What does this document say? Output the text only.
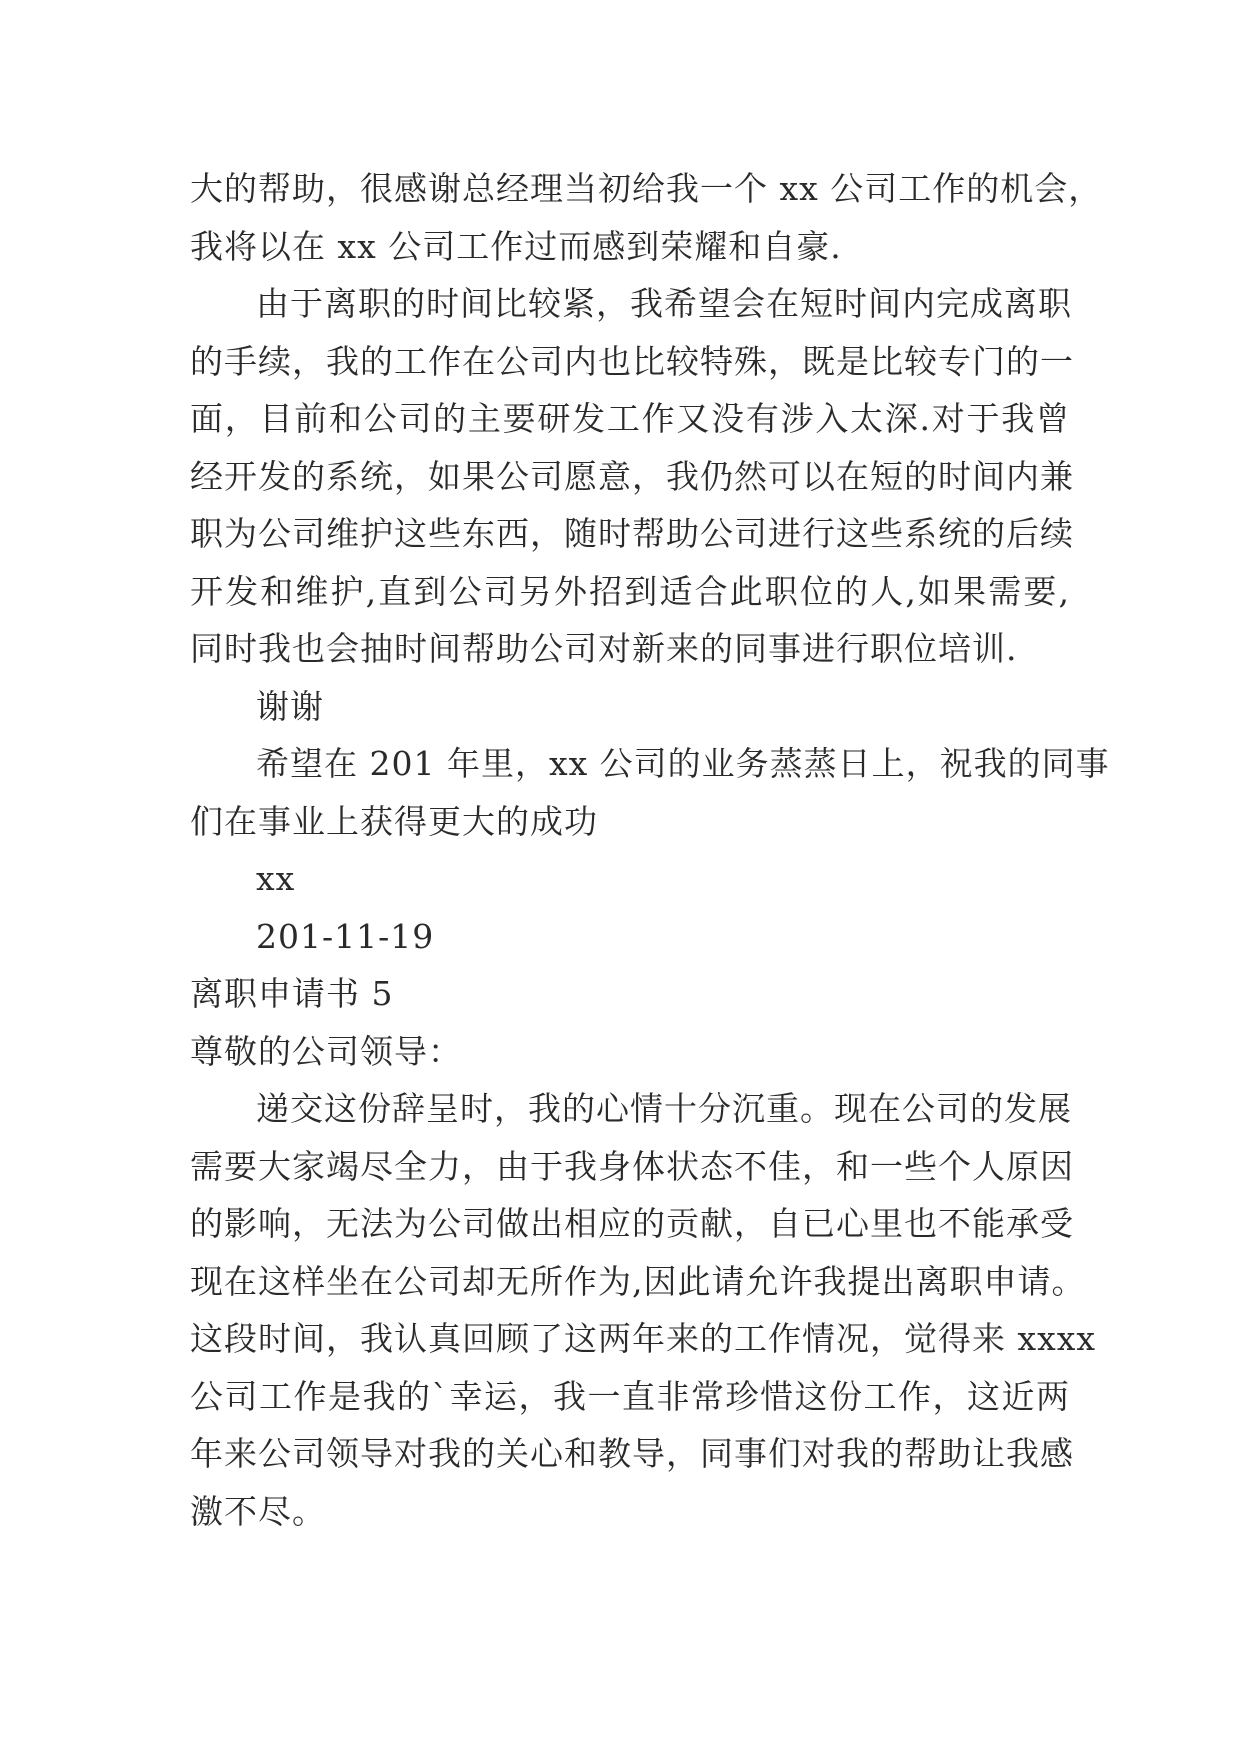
大的帮助，很感谢总经理当初给我一个 xx 公司工作的机会，
我将以在 xx 公司工作过而感到荣耀和自豪.
由于离职的时间比较紧，我希望会在短时间内完成离职
的手续，我的工作在公司内也比较特殊，既是比较专门的一
面，目前和公司的主要研发工作又没有涉入太深.对于我曾
经开发的系统，如果公司愿意，我仍然可以在短的时间内兼
职为公司维护这些东西，随时帮助公司进行这些系统的后续
开发和维护,直到公司另外招到适合此职位的人,如果需要,
同时我也会抽时间帮助公司对新来的同事进行职位培训.
谢谢
希望在 201 年里，xx 公司的业务蒸蒸日上，祝我的同事
们在事业上获得更大的成功
xx
201-11-19
离职申请书 5
尊敬的公司领导：
递交这份辞呈时，我的心情十分沉重。现在公司的发展
需要大家竭尽全力，由于我身体状态不佳，和一些个人原因
的影响，无法为公司做出相应的贡献，自已心里也不能承受
现在这样坐在公司却无所作为,因此请允许我提出离职申请。
这段时间，我认真回顾了这两年来的工作情况，觉得来 xxxx
公司工作是我的`幸运，我一直非常珍惜这份工作，这近两
年来公司领导对我的关心和教导，同事们对我的帮助让我感
激不尽。
